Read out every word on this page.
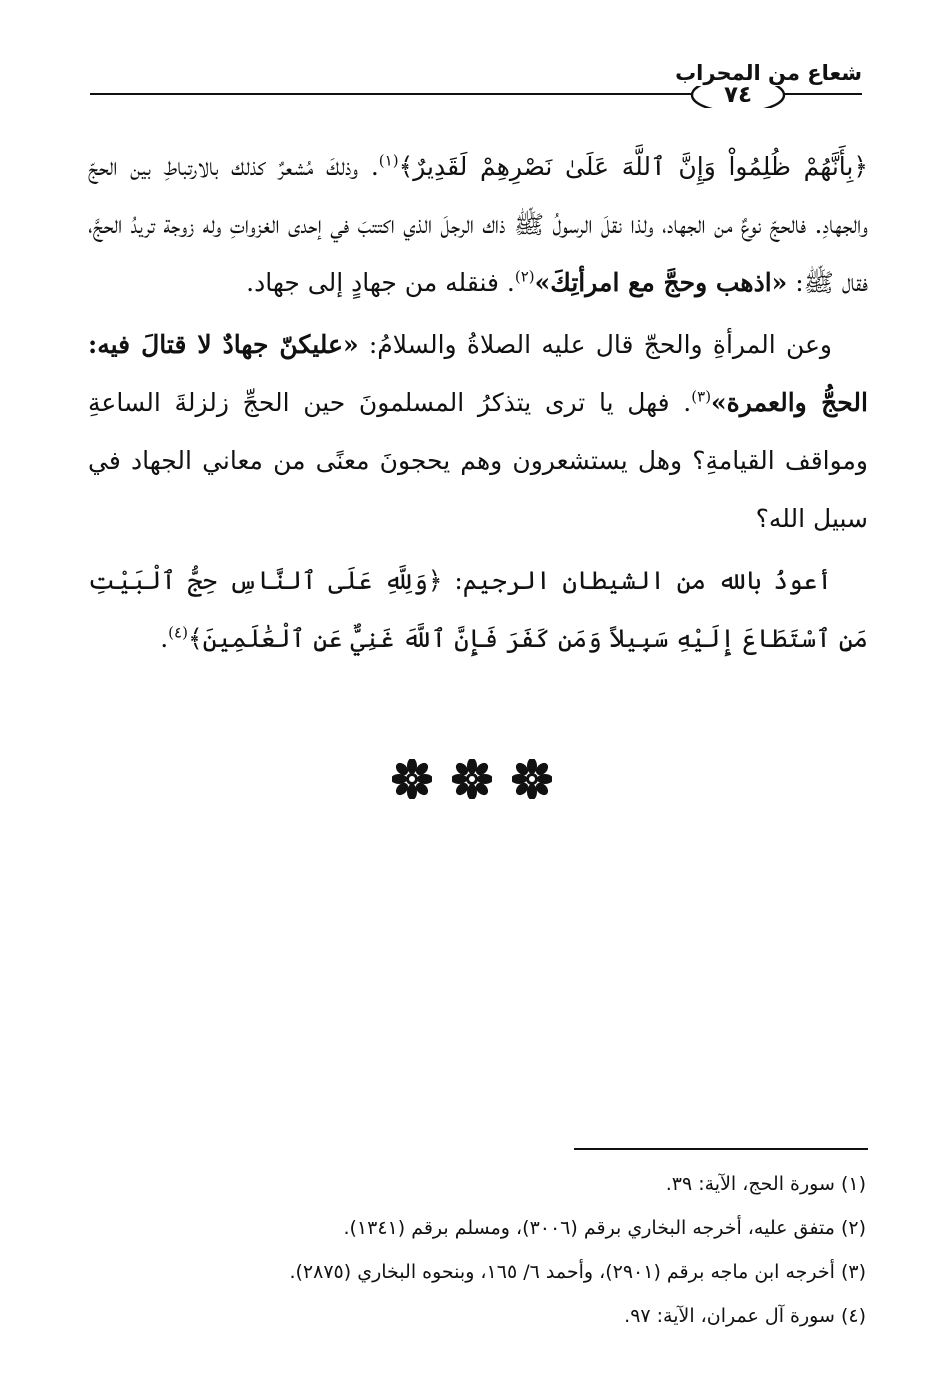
شعاع من المحراب
٧٤

﴿بِأَنَّهُمْ ظُلِمُواْ وَإِنَّ ٱللَّهَ عَلَىٰ نَصْرِهِمْ لَقَدِيرٌ﴾$^{(١)}$. وذلكَ مُشعرٌ كذلك بالارتباطِ بين الحجّ والجهادِ. فالحجّ نوعٌ من الجهاد، ولذا نقلَ الرسولُ ﷺ ذاك الرجلَ الذي اكتتبَ في إحدى الغزواتِ وله زوجة تريدُ الحجَّ، فقال ﷺ: «اذهب وحجَّ مع امرأتِكَ»$^{(٢)}$. فنقله من جهادٍ إلى جهاد.

وعن المرأةِ والحجّ قال عليه الصلاةُ والسلامُ: «عليكنّ جهادٌ لا قتالَ فيه: الحجُّ والعمرة»$^{(٣)}$. فهل يا ترى يتذكرُ المسلمونَ حين الحجِّ زلزلةَ الساعةِ ومواقف القيامةِ؟ وهل يستشعرون وهم يحجونَ معنًى من معاني الجهاد في سبيل الله؟

أعوذُ بالله من الشيطان الرجيم: ﴿وَلِلَّهِ عَلَى ٱلنَّاسِ حِجُّ ٱلْبَيْتِ مَنِ ٱسْتَطَاعَ إِلَيْهِ سَبِيلاً وَمَن كَفَرَ فَإِنَّ ٱللَّهَ غَنِيٌّ عَنِ ٱلْعَٰلَمِينَ﴾$^{(٤)}$.

(١) سورة الحج، الآية: ٣٩.

(٢) متفق عليه، أخرجه البخاري برقم (٣٠٠٦)، ومسلم برقم (١٣٤١).

(٣) أخرجه ابن ماجه برقم (٢٩٠١)، وأحمد ٦/ ١٦٥، وبنحوه البخاري (٢٨٧٥).

(٤) سورة آل عمران، الآية: ٩٧.
